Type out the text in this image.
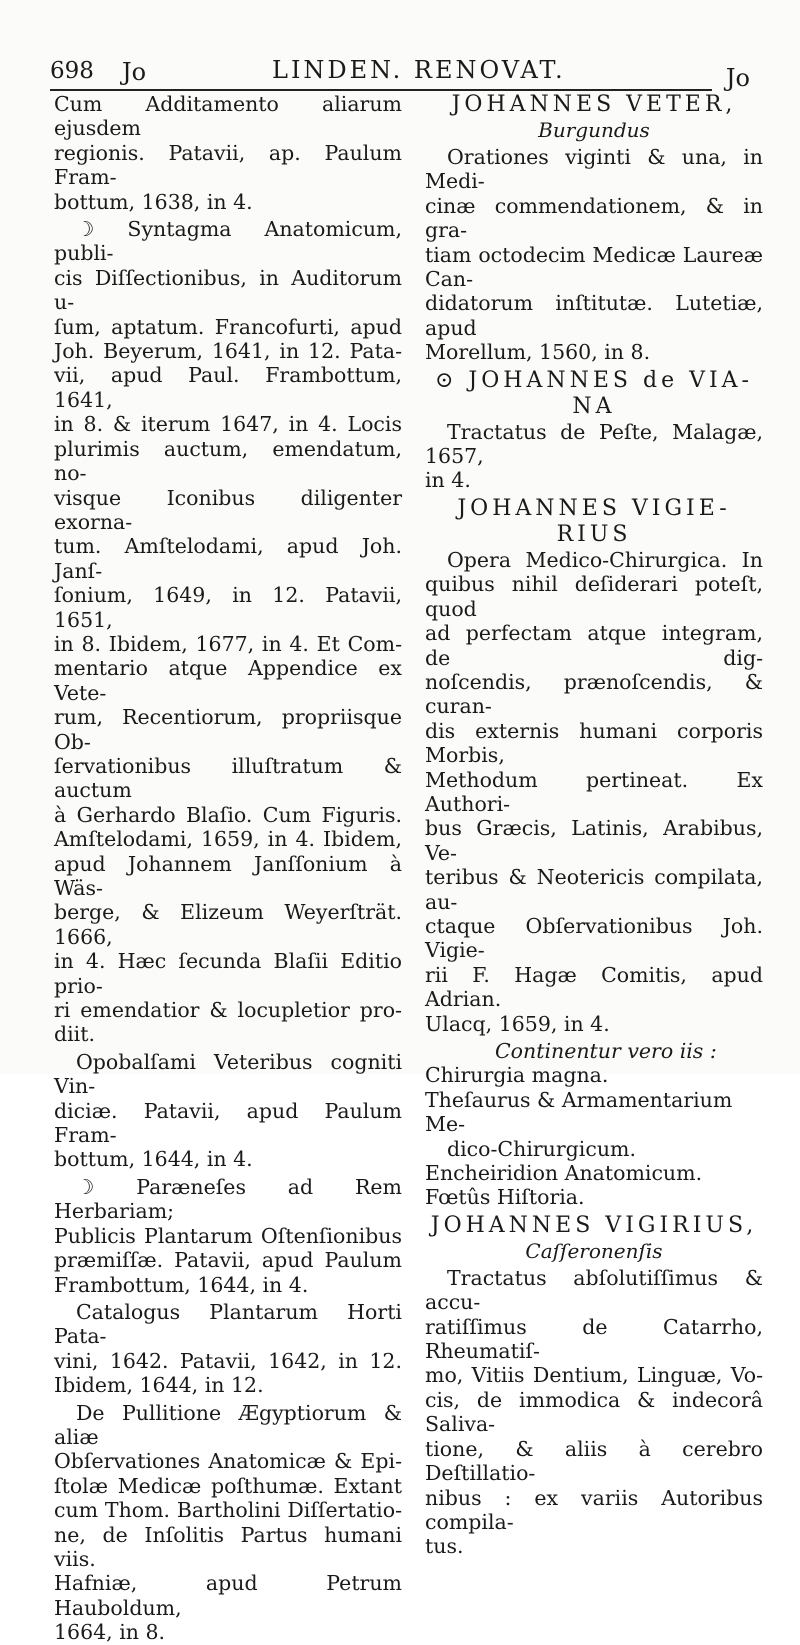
698 Jo	LINDEN. RENOVAT.	Jo

Cum Additamento aliarum ejusdem

regionis. Patavii, ap. Paulum Fram-

bottum, 1638, in 4.

☽ Syntagma Anatomicum, publi-

cis Diſſectionibus, in Auditorum u-

ſum, aptatum. Francofurti, apud

Joh. Beyerum, 1641, in 12. Pata-

vii, apud Paul. Frambottum, 1641,

in 8. & iterum 1647, in 4. Locis

plurimis auctum, emendatum, no-

visque Iconibus diligenter exorna-

tum. Amſtelodami, apud Joh. Janſ-

ſonium, 1649, in 12. Patavii, 1651,

in 8. Ibidem, 1677, in 4. Et Com-

mentario atque Appendice ex Vete-

rum, Recentiorum, propriisque Ob-

ſervationibus illuſtratum & auctum

à Gerhardo Blaſio. Cum Figuris.

Amſtelodami, 1659, in 4. Ibidem,

apud Johannem Janſſonium à Wäs-

berge, & Elizeum Weyerſträt. 1666,

in 4. Hæc ſecunda Blaſii Editio prio-

ri emendatior & locupletior pro-

diit.

Opobalſami Veteribus cogniti Vin-

diciæ. Patavii, apud Paulum Fram-

bottum, 1644, in 4.

☽ Paræneſes ad Rem Herbariam;

Publicis Plantarum Oſtenſionibus

præmiſſæ. Patavii, apud Paulum

Frambottum, 1644, in 4.

Catalogus Plantarum Horti Pata-

vini, 1642. Patavii, 1642, in 12.

Ibidem, 1644, in 12.

De Pullitione Ægyptiorum & aliæ

Obſervationes Anatomicæ & Epi-

ſtolæ Medicæ poſthumæ. Extant

cum Thom. Bartholini Diſſertatio-

ne, de Inſolitis Partus humani viis.

Hafniæ, apud Petrum Hauboldum,

1664, in 8.

JOHANNES VETER,
Burgundus

Orationes viginti & una, in Medi-

cinæ commendationem, & in gra-

tiam octodecim Medicæ Laureæ Can-

didatorum inſtitutæ. Lutetiæ, apud

Morellum, 1560, in 8.

⊙ JOHANNES de VIA-
NA

Tractatus de Peſte, Malagæ, 1657,

in 4.

JOHANNES VIGIE-
RIUS

Opera Medico-Chirurgica. In

quibus nihil deſiderari poteſt, quod

ad perfectam atque integram, de dig-

noſcendis, prænoſcendis, & curan-

dis externis humani corporis Morbis,

Methodum pertineat. Ex Authori-

bus Græcis, Latinis, Arabibus, Ve-

teribus & Neotericis compilata, au-

ctaque Obſervationibus Joh. Vigie-

rii F. Hagæ Comitis, apud Adrian.

Ulacq, 1659, in 4.

Continentur vero iis :

Chirurgia magna.

Theſaurus & Armamentarium Me-

dico-Chirurgicum.

Encheiridion Anatomicum.

Fœtûs Hiſtoria.

JOHANNES VIGIRIUS,
Caſſeronenſis

Tractatus abſolutiſſimus & accu-

ratiſſimus de Catarrho, Rheumatiſ-

mo, Vitiis Dentium, Linguæ, Vo-

cis, de immodica & indecorâ Saliva-

tione, & aliis à cerebro Deſtillatio-

nibus : ex variis Autoribus compila-

tus.
